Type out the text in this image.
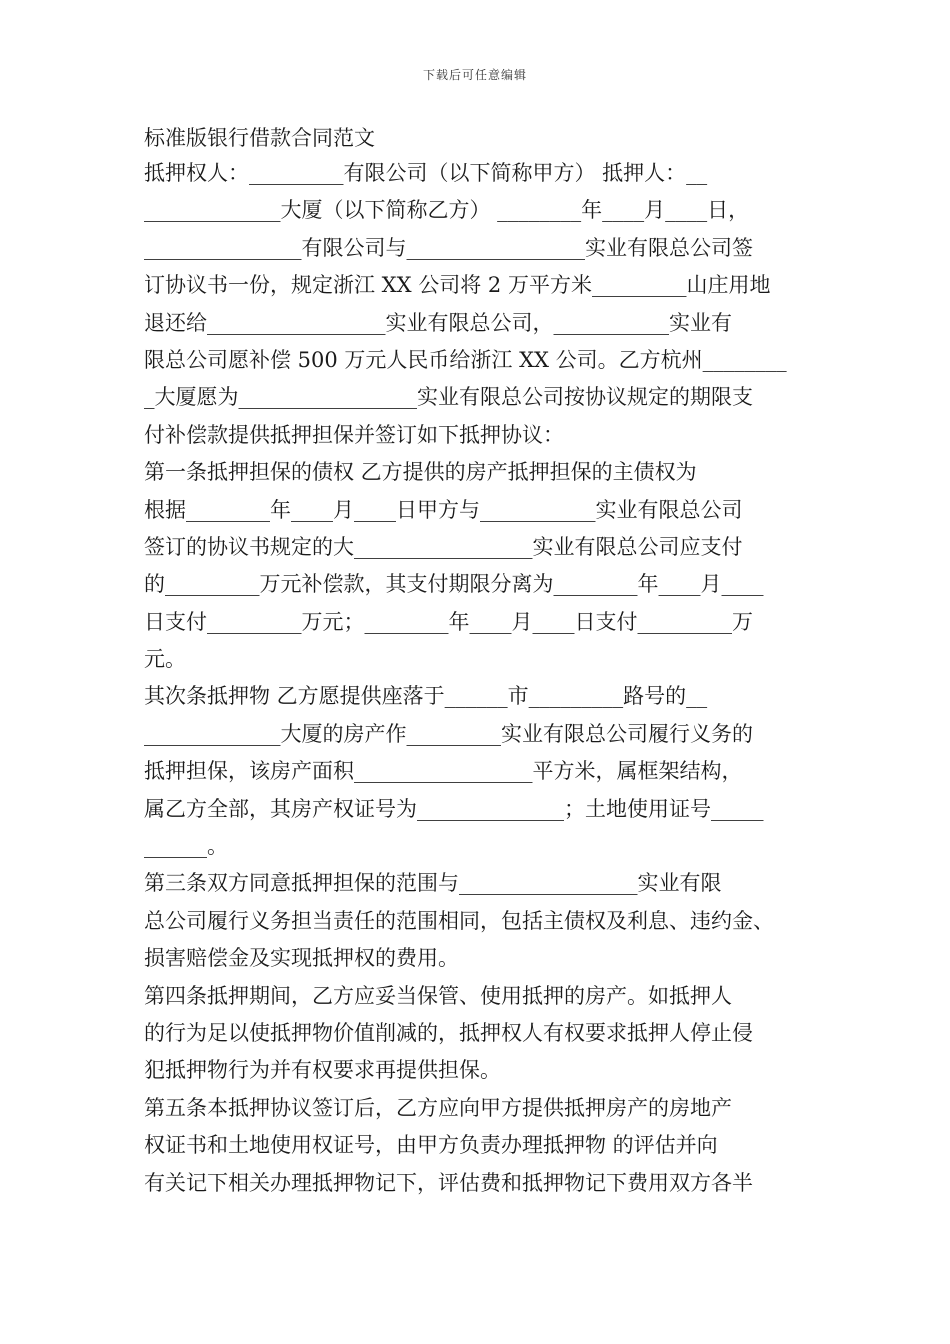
下载后可任意编辑
标准版银行借款合同范文
抵押权人：_________有限公司（以下简称甲方） 抵押人：__
_____________大厦（以下简称乙方） ________年____月____日，
_______________有限公司与_________________实业有限总公司签
订协议书一份，规定浙江 XX 公司将 2 万平方米_________山庄用地
退还给_________________实业有限总公司，___________实业有
限总公司愿补偿 500 万元人民币给浙江 XX 公司。乙方杭州________
_大厦愿为_________________实业有限总公司按协议规定的期限支
付补偿款提供抵押担保并签订如下抵押协议：
第一条抵押担保的债权 乙方提供的房产抵押担保的主债权为
根据________年____月____日甲方与___________实业有限总公司
签订的协议书规定的大_________________实业有限总公司应支付
的_________万元补偿款，其支付期限分离为________年____月____
日支付_________万元；________年____月____日支付_________万
元。
其次条抵押物 乙方愿提供座落于______市_________路号的__
_____________大厦的房产作_________实业有限总公司履行义务的
抵押担保，该房产面积_________________平方米，属框架结构，
属乙方全部，其房产权证号为______________；土地使用证号_____
______。
第三条双方同意抵押担保的范围与_________________实业有限
总公司履行义务担当责任的范围相同，包括主债权及利息、违约金、
损害赔偿金及实现抵押权的费用。
第四条抵押期间，乙方应妥当保管、使用抵押的房产。如抵押人
的行为足以使抵押物价值削减的，抵押权人有权要求抵押人停止侵
犯抵押物行为并有权要求再提供担保。
第五条本抵押协议签订后，乙方应向甲方提供抵押房产的房地产
权证书和土地使用权证号，由甲方负责办理抵押物 的评估并向
有关记下相关办理抵押物记下，评估费和抵押物记下费用双方各半
